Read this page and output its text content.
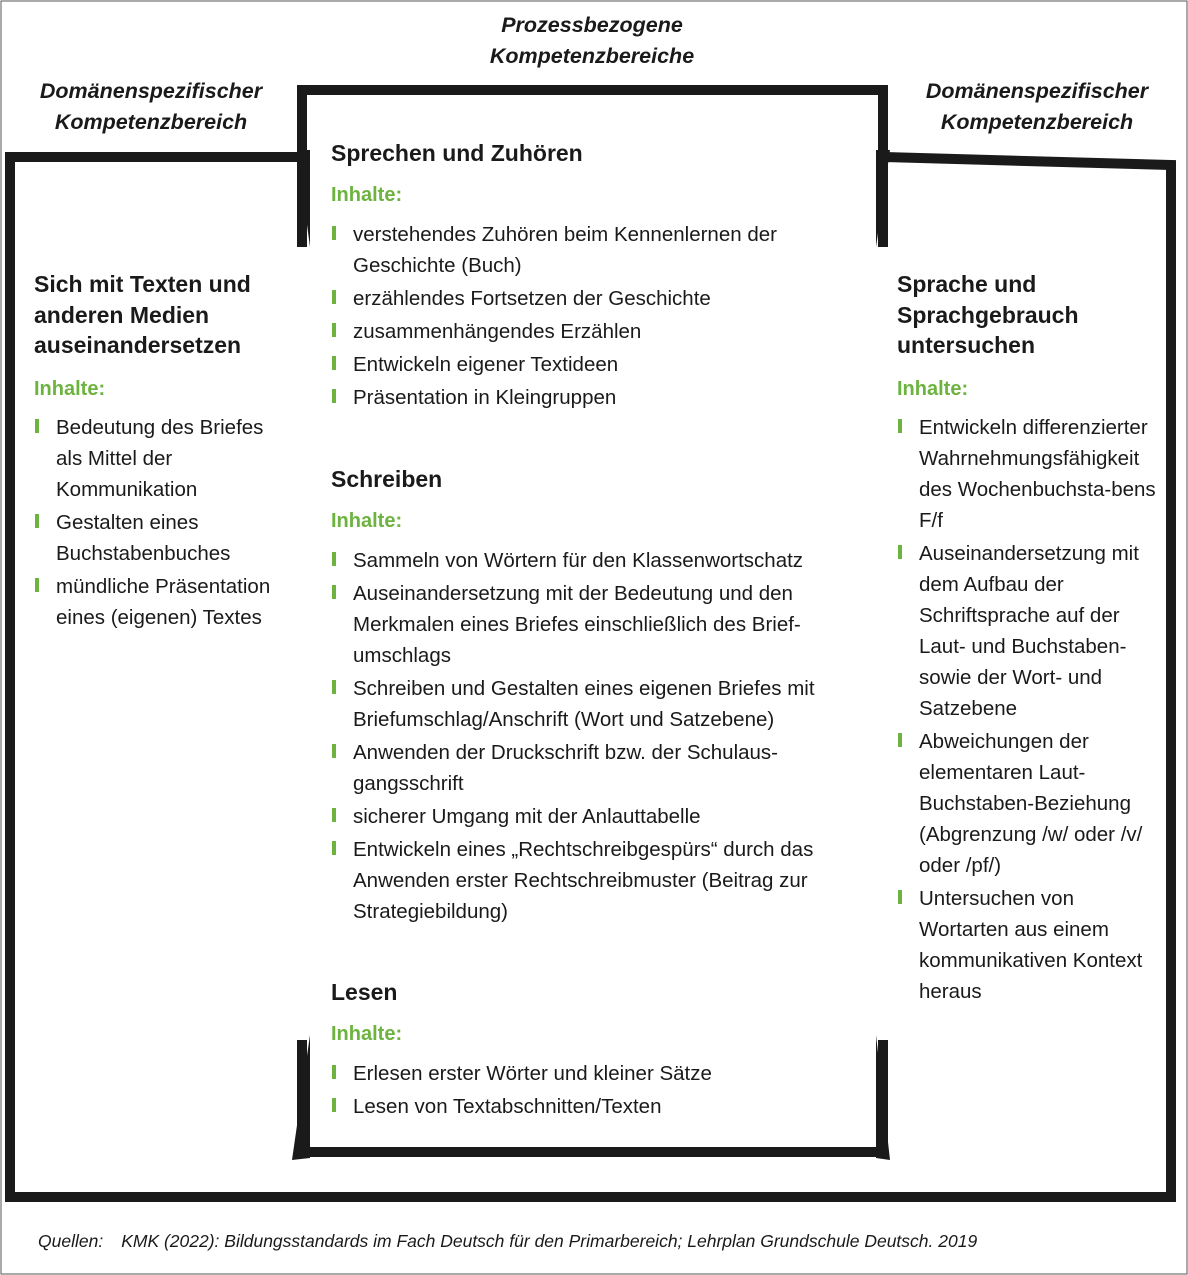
Prozessbezogene
Kompetenzbereiche
Domänenspezifischer
Kompetenzbereich
Domänenspezifischer
Kompetenzbereich

Sich mit Texten und anderen Medien auseinandersetzen

Inhalte:

Bedeutung des Briefes als Mittel der Kommunikation
Gestalten eines Buchstabenbuches
mündliche Präsentation eines (eigenen) Textes

Sprechen und Zuhören

Inhalte:

verstehendes Zuhören beim Kennenlernen der Geschichte (Buch)
erzählendes Fortsetzen der Geschichte
zusammenhängendes Erzählen
Entwickeln eigener Textideen
Präsentation in Kleingruppen

Schreiben

Inhalte:

Sammeln von Wörtern für den Klassenwortschatz
Auseinandersetzung mit der Bedeutung und den Merkmalen eines Briefes einschließlich des Brief-umschlags
Schreiben und Gestalten eines eigenen Briefes mit Briefumschlag/Anschrift (Wort und Satzebene)
Anwenden der Druckschrift bzw. der Schulaus-gangsschrift
sicherer Umgang mit der Anlauttabelle
Entwickeln eines „Rechtschreibgespürs“ durch das Anwenden erster Rechtschreibmuster (Beitrag zur Strategiebildung)

Lesen

Inhalte:

Erlesen erster Wörter und kleiner Sätze
Lesen von Textabschnitten/Texten

Sprache und Sprachgebrauch untersuchen

Inhalte:

Entwickeln differenzierter Wahrnehmungsfähigkeit des Wochenbuchsta-bens F/f
Auseinandersetzung mit dem Aufbau der Schriftsprache auf der Laut- und Buchstaben-sowie der Wort- und Satzebene
Abweichungen der elementaren Laut-Buchstaben-Beziehung (Abgrenzung /w/ oder /v/ oder /pf/)
Untersuchen von Wortarten aus einem kommunikativen Kontext heraus
Quellen: KMK (2022): Bildungsstandards im Fach Deutsch für den Primarbereich; Lehrplan Grundschule Deutsch. 2019
